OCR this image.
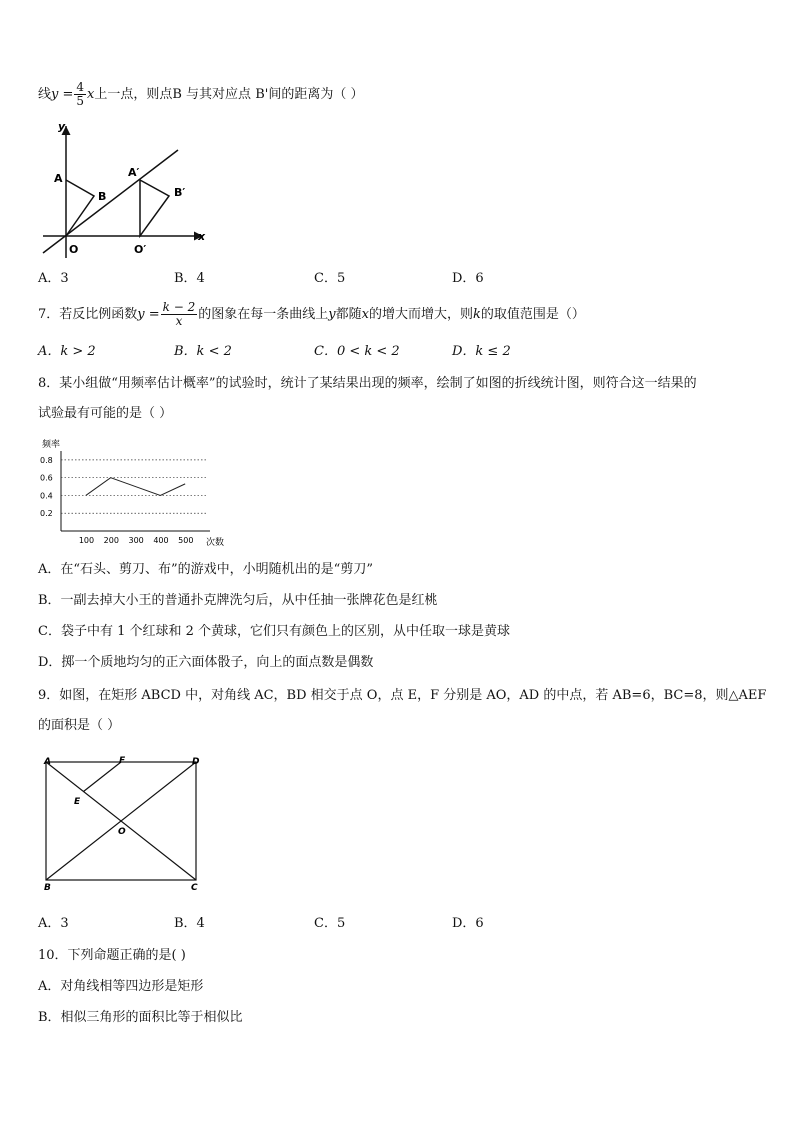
线$y = \frac{4}{5}$ x上一点，则点B 与其对应点 B'间的距离为（ ）
y
x
A
B
O
A′
B′
O′
A．3	B．4	C．5	D．6
7．若反比例函数$y = \frac{k - 2}{x}$ 的图象在每一条曲线上y都随x的增大而增大，则k的取值范围是（）
A．k > 2	B．k < 2	C．0 < k < 2	D．k ≤ 2
8．某小组做“用频率估计概率”的试验时，统计了某结果出现的频率，绘制了如图的折线统计图，则符合这一结果的
试验最有可能的是（ ）
频率
次数
0.2
0.4
0.6
0.8
100 200 300 400 500
A．在“石头、剪刀、布”的游戏中，小明随机出的是“剪刀”
B．一副去掉大小王的普通扑克牌洗匀后，从中任抽一张牌花色是红桃
C．袋子中有 1 个红球和 2 个黄球，它们只有颜色上的区别，从中任取一球是黄球
D．掷一个质地均匀的正六面体骰子，向上的面点数是偶数
9．如图，在矩形 ABCD 中，对角线 AC，BD 相交于点 O，点 E，F 分别是 AO，AD 的中点，若 AB=6，BC=8，则△AEF
的面积是（ ）
A	F	D
E
O
B	C
A．3	B．4	C．5	D．6
10．下列命题正确的是( )
A．对角线相等四边形是矩形
B．相似三角形的面积比等于相似比
